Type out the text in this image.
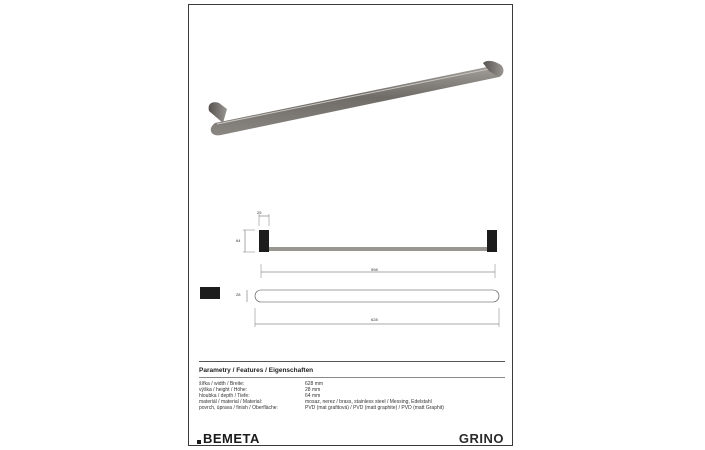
25
64
598
28
628
Parametry / Features / Eigenschaften
šířka / width / Breite:	628 mm
výška / height / Höhe:	28 mm
hloubka / depth / Tiefe:	64 mm
materiál / material / Material:	mosaz, nerez / brass, stainless steel / Messing, Edelstahl
povrch, úprava / finish / Oberfläche:	PVD (mat grafitová) / PVD (matt graphite) / PVD (matt Graphit)
BEMETA	GRINO
